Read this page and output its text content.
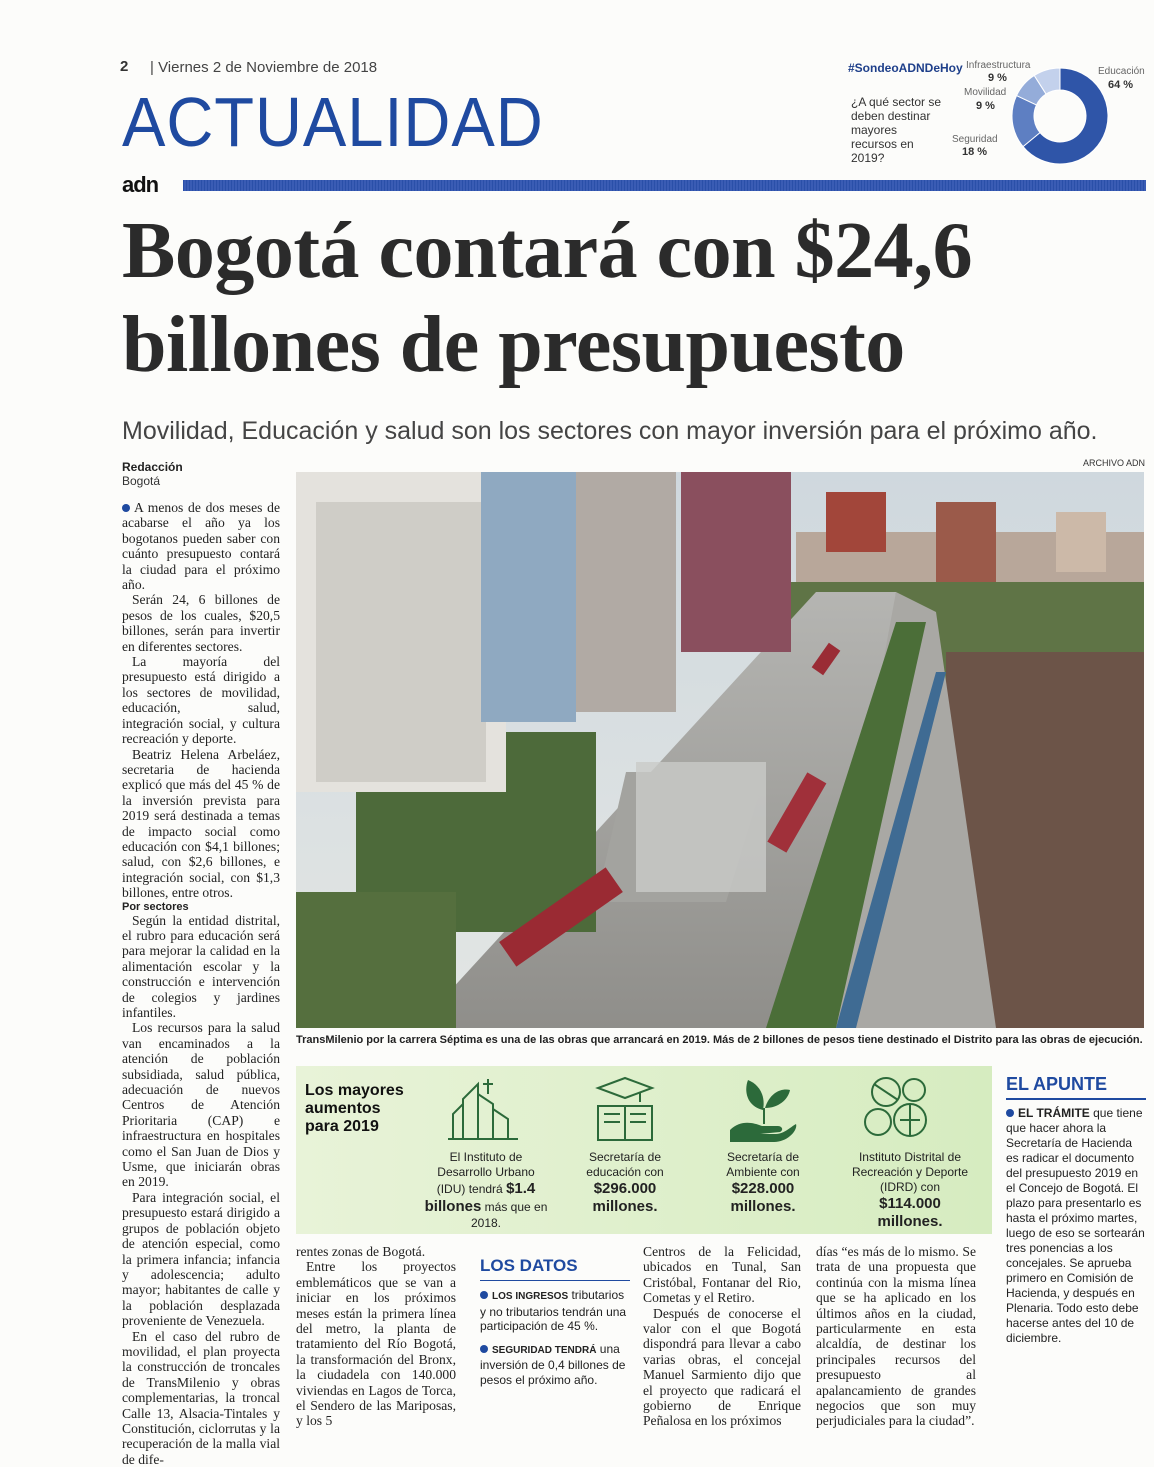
2 | Viernes 2 de Noviembre de 2018
ACTUALIDAD
#SondeoADNDeHoy
¿A qué sector se deben destinar mayores recursos en 2019?
Infraestructura
9 %
Movilidad
9 %
Seguridad
18 %
Educación
64 %
adn
Bogotá contará con $24,6
billones de presupuesto
Movilidad, Educación y salud son los sectores con mayor inversión para el próximo año.
Redacción
Bogotá
ARCHIVO ADN

A menos de dos meses de acabarse el año ya los bogotanos pueden saber con cuánto presupuesto contará la ciudad para el próximo año.

Serán 24, 6 billones de pesos de los cuales, $20,5 billones, serán para invertir en diferentes sectores.

La mayoría del presupuesto está dirigido a los sectores de movilidad, educación, salud, integración social, y cultura recreación y deporte.

Beatriz Helena Arbeláez, secretaria de hacienda explicó que más del 45 % de la inversión prevista para 2019 será destinada a temas de impacto social como educación con $4,1 billones; salud, con $2,6 billones, e integración social, con $1,3 billones, entre otros.

Por sectores

Según la entidad distrital, el rubro para educación será para mejorar la calidad en la alimentación escolar y la construcción e intervención de colegios y jardines infantiles.

Los recursos para la salud van encaminados a la atención de población subsidiada, salud pública, adecuación de nuevos Centros de Atención Prioritaria (CAP) e infraestructura en hospitales como el San Juan de Dios y Usme, que iniciarán obras en 2019.

Para integración social, el presupuesto estará dirigido a grupos de población objeto de atención especial, como la primera infancia; infancia y adolescencia; adulto mayor; habitantes de calle y la población desplazada proveniente de Venezuela.

En el caso del rubro de movilidad, el plan proyecta la construcción de troncales de TransMilenio y obras complementarias, la troncal Calle 13, Alsacia-Tintales y Constitución, ciclorrutas y la recuperación de la malla vial de dife-

TransMilenio por la carrera Séptima es una de las obras que arrancará en 2019. Más de 2 billones de pesos tiene destinado el Distrito para las obras de ejecución.
Los mayores aumentos para 2019
El Instituto de Desarrollo Urbano (IDU) tendrá $1.4 billones más que en 2018.
Secretaría de educación con
$296.000 millones.
Secretaría de Ambiente con
$228.000 millones.
Instituto Distrital de Recreación y Deporte (IDRD) con
$114.000 millones.
EL APUNTE
EL TRÁMITE que tiene que hacer ahora la Secretaría de Hacienda es radicar el documento del presupuesto 2019 en el Concejo de Bogotá. El plazo para presentarlo es hasta el próximo martes, luego de eso se sortearán tres ponencias a los concejales. Se aprueba primero en Comisión de Hacienda, y después en Plenaria. Todo esto debe hacerse antes del 10 de diciembre.

rentes zonas de Bogotá.

Entre los proyectos emblemáticos que se van a iniciar en los próximos meses están la primera línea del metro, la planta de tratamiento del Río Bogotá, la transformación del Bronx, la ciudadela con 140.000 viviendas en Lagos de Torca, el Sendero de las Mariposas, y los 5

LOS DATOS

LOS INGRESOS tributarios y no tributarios tendrán una participación de 45 %.

SEGURIDAD TENDRÁ una inversión de 0,4 billones de pesos el próximo año.

Centros de la Felicidad, ubicados en Tunal, San Cristóbal, Fontanar del Rio, Cometas y el Retiro.

Después de conocerse el valor con el que Bogotá dispondrá para llevar a cabo varias obras, el concejal Manuel Sarmiento dijo que el proyecto que radicará el gobierno de Enrique Peñalosa en los próximos

días “es más de lo mismo. Se trata de una propuesta que continúa con la misma línea que se ha aplicado en los últimos años en la ciudad, particularmente en esta alcaldía, de destinar los principales recursos del presupuesto al apalancamiento de grandes negocios que son muy perjudiciales para la ciudad”.
